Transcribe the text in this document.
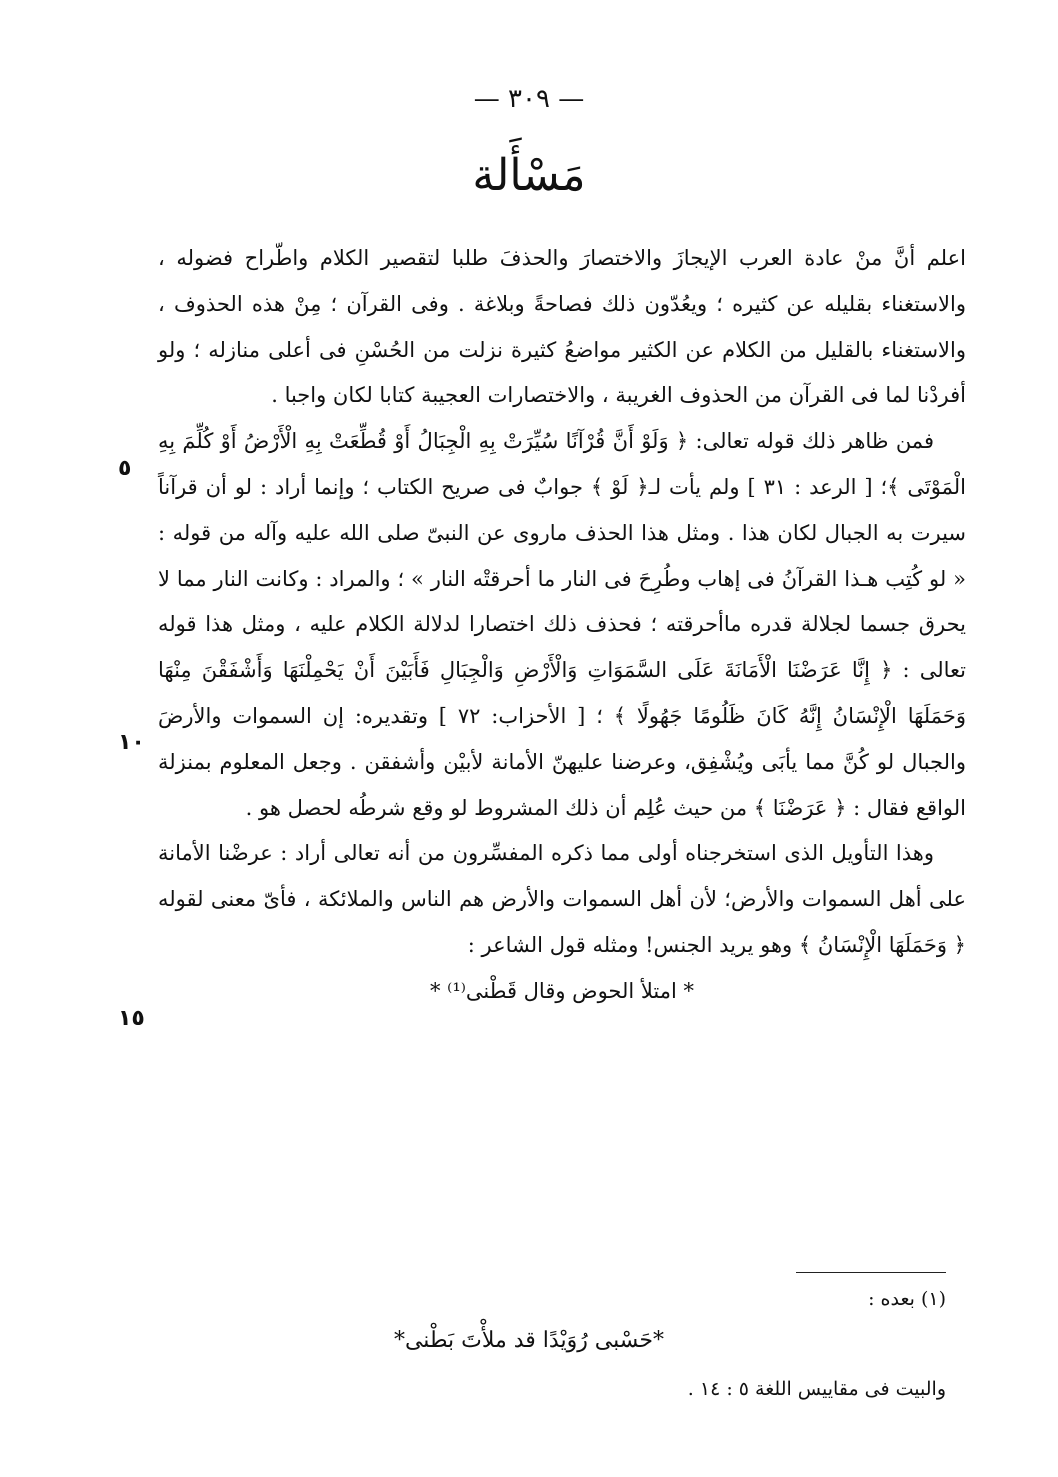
— ٣٠٩ —
مَسْأَلة

اعلم أنَّ منْ عادة العرب الإيجازَ والاختصارَ والحذفَ طلبا لتقصير الكلام واطّراح فضوله ، والاستغناء بقليله عن كثيره ؛ ويعُدّون ذلك فصاحةً وبلاغة . وفى القرآن ؛ مِنْ هذه الحذوف ، والاستغناء بالقليل من الكلام عن الكثير مواضعُ كثيرة نزلت من الحُسْنِ فى أعلى منازله ؛ ولو أفردْنا لما فى القرآن من الحذوف الغريبة ، والاختصارات العجيبة كتابا لكان واجبا .

فمن ظاهر ذلك قوله تعالى: ﴿ وَلَوْ أَنَّ قُرْآنًا سُيِّرَتْ بِهِ الْجِبَالُ أَوْ قُطِّعَتْ بِهِ الْأَرْضُ أَوْ كُلِّمَ بِهِ الْمَوْتَى ﴾؛ [ الرعد : ٣١ ] ولم يأت لـ﴿ لَوْ ﴾ جوابٌ فى صريح الكتاب ؛ وإنما أراد : لو أن قرآناً سيرت به الجبال لكان هذا . ومثل هذا الحذف ماروى عن النبىّ صلى الله عليه وآله من قوله : « لو كُتِب هـذا القرآنُ فى إهاب وطُرِحَ فى النار ما أحرقتْه النار » ؛ والمراد : وكانت النار مما لا يحرق جسما لجلالة قدره ماأحرقته ؛ فحذف ذلك اختصارا لدلالة الكلام عليه ، ومثل هذا قوله تعالى : ﴿ إِنَّا عَرَضْنَا الْأَمَانَةَ عَلَى السَّمَوَاتِ وَالْأَرْضِ وَالْجِبَالِ فَأَبَيْنَ أَنْ يَحْمِلْنَهَا وَأَشْفَقْنَ مِنْهَا وَحَمَلَهَا الْإِنْسَانُ إِنَّهُ كَانَ ظَلُومًا جَهُولًا ﴾ ؛ [ الأحزاب: ٧٢ ] وتقديره: إن السموات والأرضَ والجبال لو كُنَّ مما يأبَى ويُشْفِق، وعرضنا عليهنّ الأمانة لأبيْن وأشفقن . وجعل المعلوم بمنزلة الواقع فقال : ﴿ عَرَضْنَا ﴾ من حيث عُلِم أن ذلك المشروط لو وقع شرطُه لحصل هو .

وهذا التأويل الذى استخرجناه أولى مما ذكره المفسِّرون من أنه تعالى أراد : عرضْنا الأمانة على أهل السموات والأرض؛ لأن أهل السموات والأرض هم الناس والملائكة ، فأىّ معنى لقوله ﴿ وَحَمَلَهَا الْإِنْسَانُ ﴾ وهو يريد الجنس! ومثله قول الشاعر :

* امتلأ الحوض وقال قَطْنى⁽¹⁾ *

٥
١٠
١٥
(١) بعده :
*حَسْبى رُوَيْدًا قد ملأْتَ بَطْنى*
والبيت فى مقاييس اللغة ٥ : ١٤ .
